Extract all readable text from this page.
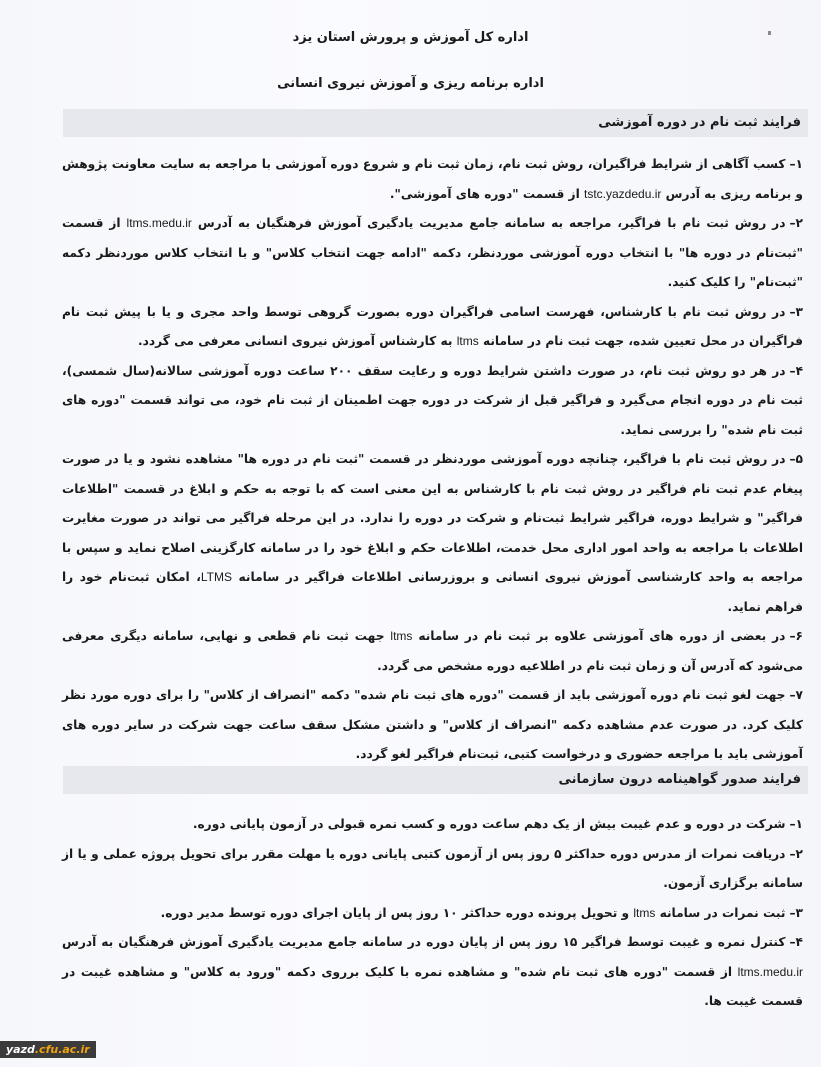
اداره کل آموزش و پرورش استان یزد
اداره برنامه ریزی و آموزش نیروی انسانی
فرایند ثبت نام در دوره آموزشی

۱–کسب آگاهی از شرایط فراگیران، روش ثبت نام، زمان ثبت نام و شروع دوره آموزشی با مراجعه به سایت معاونت پژوهش و برنامه ریزی به آدرس tstc.yazdedu.ir از قسمت "دوره های آموزشی".

۲–در روش ثبت نام با فراگیر، مراجعه به سامانه جامع مدیریت یادگیری آموزش فرهنگیان به آدرس ltms.medu.ir از قسمت "ثبت‌نام در دوره ها" با انتخاب دوره آموزشی موردنظر، دکمه "ادامه جهت انتخاب کلاس" و با انتخاب کلاس موردنظر دکمه "ثبت‌نام" را کلیک کنید.

۳–در روش ثبت نام با کارشناس، فهرست اسامی فراگیران دوره بصورت گروهی توسط واحد مجری و یا با پیش ثبت نام فراگیران در محل تعیین شده، جهت ثبت نام در سامانه ltms به کارشناس آموزش نیروی انسانی معرفی می گردد.

۴–در هر دو روش ثبت نام، در صورت داشتن شرایط دوره و رعایت سقف ۲۰۰ ساعت دوره آموزشی سالانه(سال شمسی)، ثبت نام در دوره انجام می‌گیرد و فراگیر قبل از شرکت در دوره جهت اطمینان از ثبت نام خود، می تواند قسمت "دوره های ثبت نام شده" را بررسی نماید.

۵–در روش ثبت نام با فراگیر، چنانچه دوره آموزشی موردنظر در قسمت "ثبت نام در دوره ها" مشاهده نشود و یا در صورت پیغام عدم ثبت نام فراگیر در روش ثبت نام با کارشناس به این معنی است که با توجه به حکم و ابلاغ در قسمت "اطلاعات فراگیر" و شرایط دوره، فراگیر شرایط ثبت‌نام و شرکت در دوره را ندارد. در این مرحله فراگیر می تواند در صورت مغایرت اطلاعات با مراجعه به واحد امور اداری محل خدمت، اطلاعات حکم و ابلاغ خود را در سامانه کارگزینی اصلاح نماید و سپس با مراجعه به واحد کارشناسی آموزش نیروی انسانی و بروزرسانی اطلاعات فراگیر در سامانه LTMS، امکان ثبت‌نام خود را فراهم نماید.

۶–در بعضی از دوره های آموزشی علاوه بر ثبت نام در سامانه ltms جهت ثبت نام قطعی و نهایی، سامانه دیگری معرفی می‌شود که آدرس آن و زمان ثبت نام در اطلاعیه دوره مشخص می گردد.

۷–جهت لغو ثبت نام دوره آموزشی باید از قسمت "دوره های ثبت نام شده" دکمه "انصراف از کلاس" را برای دوره مورد نظر کلیک کرد. در صورت عدم مشاهده دکمه "انصراف از کلاس" و داشتن مشکل سقف ساعت جهت شرکت در سایر دوره های آموزشی باید با مراجعه حضوری و درخواست کتبی، ثبت‌نام فراگیر لغو گردد.

فرایند صدور گواهینامه درون سازمانی

۱–شرکت در دوره و عدم غیبت بیش از یک دهم ساعت دوره و کسب نمره قبولی در آزمون پایانی دوره.

۲–دریافت نمرات از مدرس دوره حداکثر ۵ روز پس از آزمون کتبی پایانی دوره یا مهلت مقرر برای تحویل پروژه عملی و یا از سامانه برگزاری آزمون.

۳–ثبت نمرات در سامانه ltms و تحویل پرونده دوره حداکثر ۱۰ روز پس از پایان اجرای دوره توسط مدیر دوره.

۴–کنترل نمره و غیبت توسط فراگیر ۱۵ روز پس از پایان دوره در سامانه جامع مدیریت یادگیری آموزش فرهنگیان به آدرس ltms.medu.ir از قسمت "دوره های ثبت نام شده" و مشاهده نمره با کلیک برروی دکمه "ورود به کلاس" و مشاهده غیبت در قسمت غیبت ها.

yazd.cfu.ac.ir
